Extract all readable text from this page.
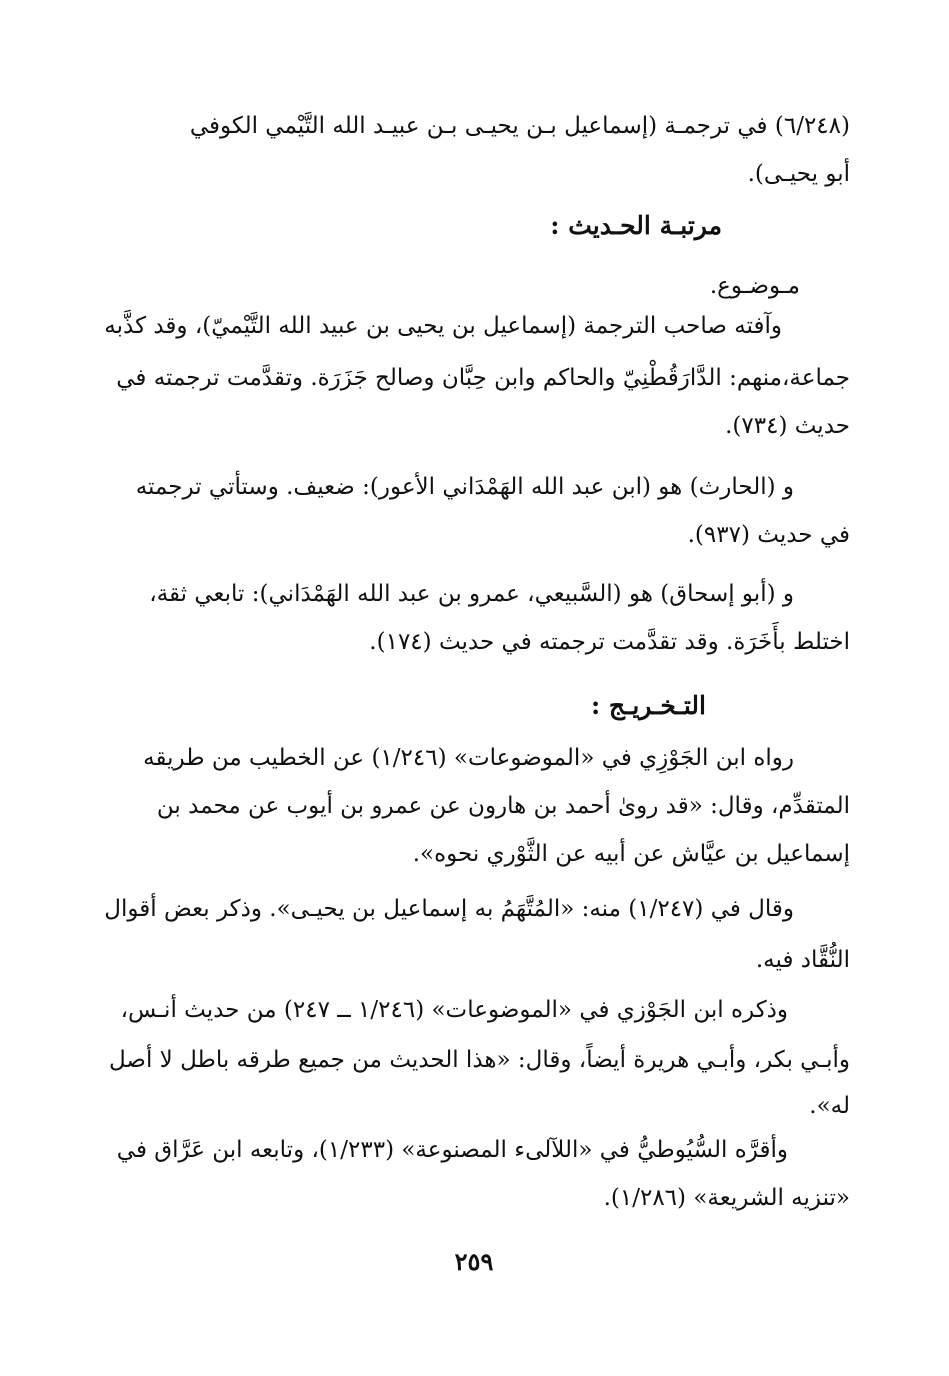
(٦/٢٤٨) في ترجمـة (إسماعيل بـن يحيـى بـن عبيـد الله التَّيْمي الكوفي
أبو يحيـى).
مرتبـة الحـديث :
مـوضـوع.
وآفته صاحب الترجمة (إسماعيل بن يحيى بن عبيد الله التَّيْميّ)، وقد كذَّبه
جماعة،منهم: الدَّارَقُطْنِيّ والحاكم وابن حِبَّان وصالح جَزَرَة. وتقدَّمت ترجمته في
حديث (٧٣٤).
و (الحارث) هو (ابن عبد الله الهَمْدَاني الأعور): ضعيف. وستأتي ترجمته
في حديث (٩٣٧).
و (أبو إسحاق) هو (السَّبيعي، عمرو بن عبد الله الهَمْدَاني): تابعي ثقة،
اختلط بأَخَرَة. وقد تقدَّمت ترجمته في حديث (١٧٤).
التـخـريـج :
رواه ابن الجَوْزِي في «الموضوعات» (١/٢٤٦) عن الخطيب من طريقه
المتقدِّم، وقال: «قد روىٰ أحمد بن هارون عن عمرو بن أيوب عن محمد بن
إسماعيل بن عيَّاش عن أبيه عن الثَّوْري نحوه».
وقال في (١/٢٤٧) منه: «المُتَّهَمُ به إسماعيل بن يحيـى». وذكر بعض أقوال
النُّقَّاد فيه.
وذكره ابن الجَوْزي في «الموضوعات» (١/٢٤٦ ــ ٢٤٧) من حديث أنـس،
وأبـي بكر، وأبـي هريرة أيضاً، وقال: «هذا الحديث من جميع طرقه باطل لا أصل
له».
وأقرَّه السُّيُوطيُّ في «اللآلىء المصنوعة» (١/٢٣٣)، وتابعه ابن عَرَّاق في
«تنزيه الشريعة» (١/٢٨٦).
٢٥٩
